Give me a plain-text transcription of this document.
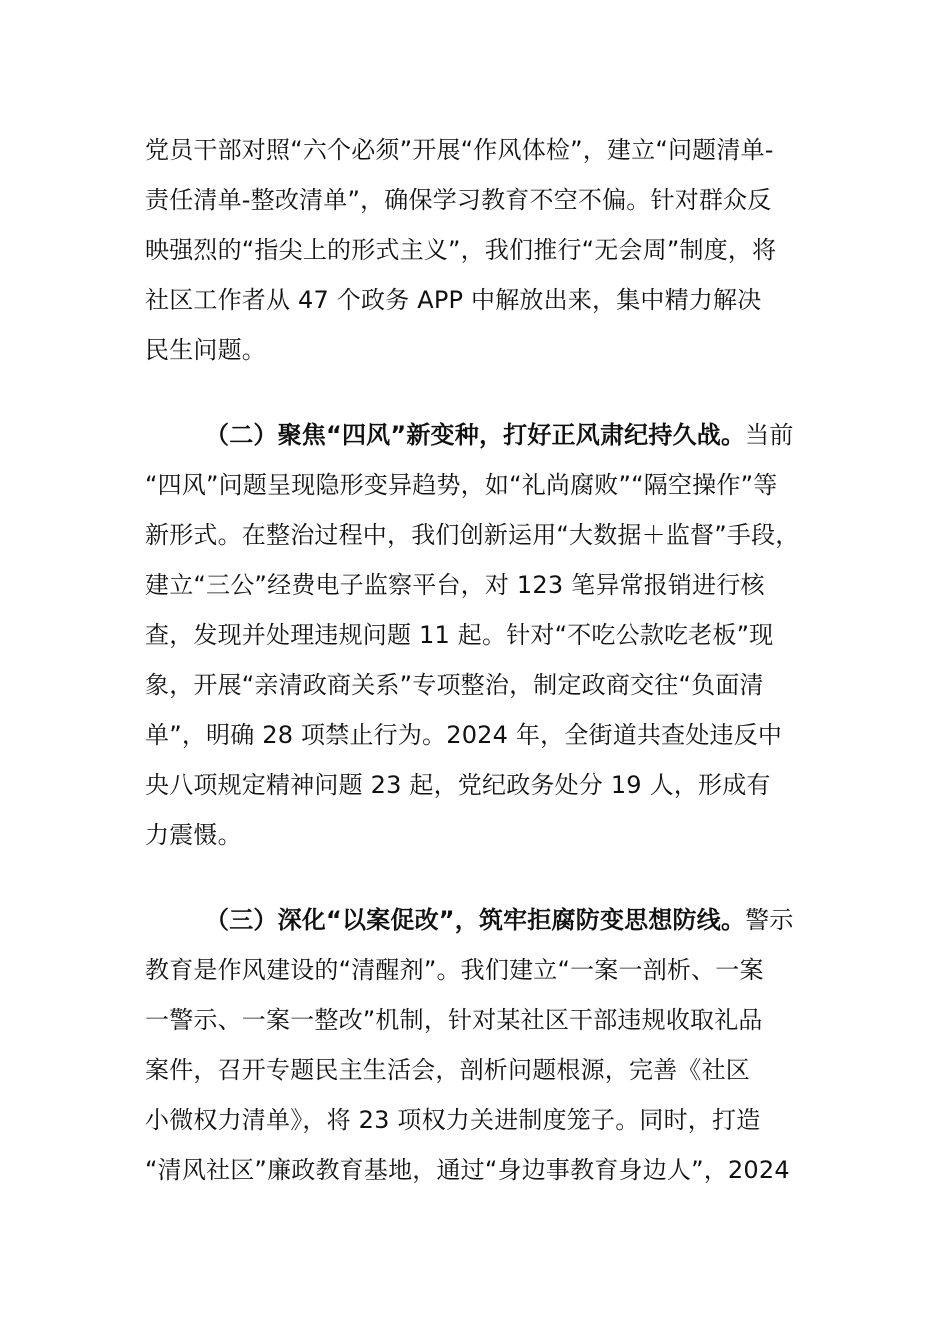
党员干部对照“六个必须”开展“作风体检”，建立“问题清单-
责任清单-整改清单”，确保学习教育不空不偏。针对群众反
映强烈的“指尖上的形式主义”，我们推行“无会周”制度，将
社区工作者从 47 个政务 APP 中解放出来，集中精力解决
民生问题。
（二）聚焦“四风”新变种，打好正风肃纪持久战。当前
“四风”问题呈现隐形变异趋势，如“礼尚腐败”“隔空操作”等
新形式。在整治过程中，我们创新运用“大数据＋监督”手段，
建立“三公”经费电子监察平台，对 123 笔异常报销进行核
查，发现并处理违规问题 11 起。针对“不吃公款吃老板”现
象，开展“亲清政商关系”专项整治，制定政商交往“负面清
单”，明确 28 项禁止行为。2024 年，全街道共查处违反中
央八项规定精神问题 23 起，党纪政务处分 19 人，形成有
力震慑。
（三）深化“以案促改”，筑牢拒腐防变思想防线。警示
教育是作风建设的“清醒剂”。我们建立“一案一剖析、一案
一警示、一案一整改”机制，针对某社区干部违规收取礼品
案件，召开专题民主生活会，剖析问题根源，完善《社区
小微权力清单》，将 23 项权力关进制度笼子。同时，打造
“清风社区”廉政教育基地，通过“身边事教育身边人”，2024
